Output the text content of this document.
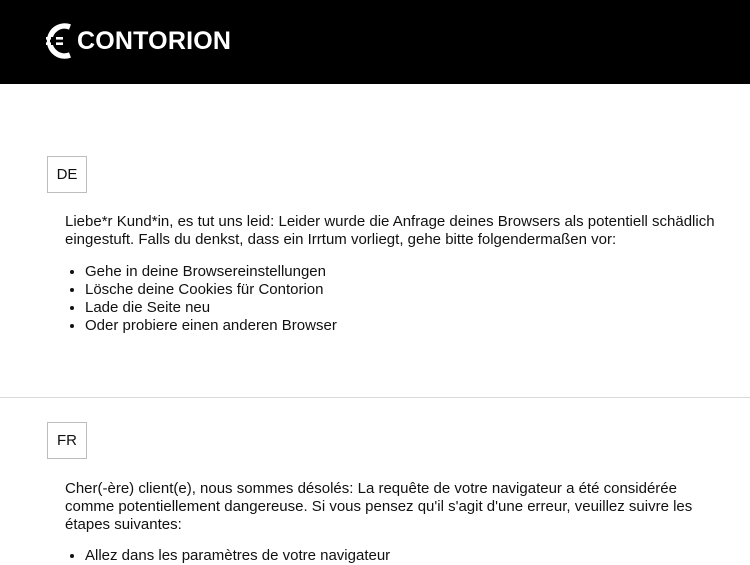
CONTORION
DE

Liebe*r Kund*in, es tut uns leid: Leider wurde die Anfrage deines Browsers als potentiell schädlich eingestuft. Falls du denkst, dass ein Irrtum vorliegt, gehe bitte folgendermaßen vor:

• Gehe in deine Browsereinstellungen
• Lösche deine Cookies für Contorion
• Lade die Seite neu
• Oder probiere einen anderen Browser
FR

Cher(-ère) client(e), nous sommes désolés: La requête de votre navigateur a été considérée comme potentiellement dangereuse. Si vous pensez qu'il s'agit d'une erreur, veuillez suivre les étapes suivantes:

• Allez dans les paramètres de votre navigateur
